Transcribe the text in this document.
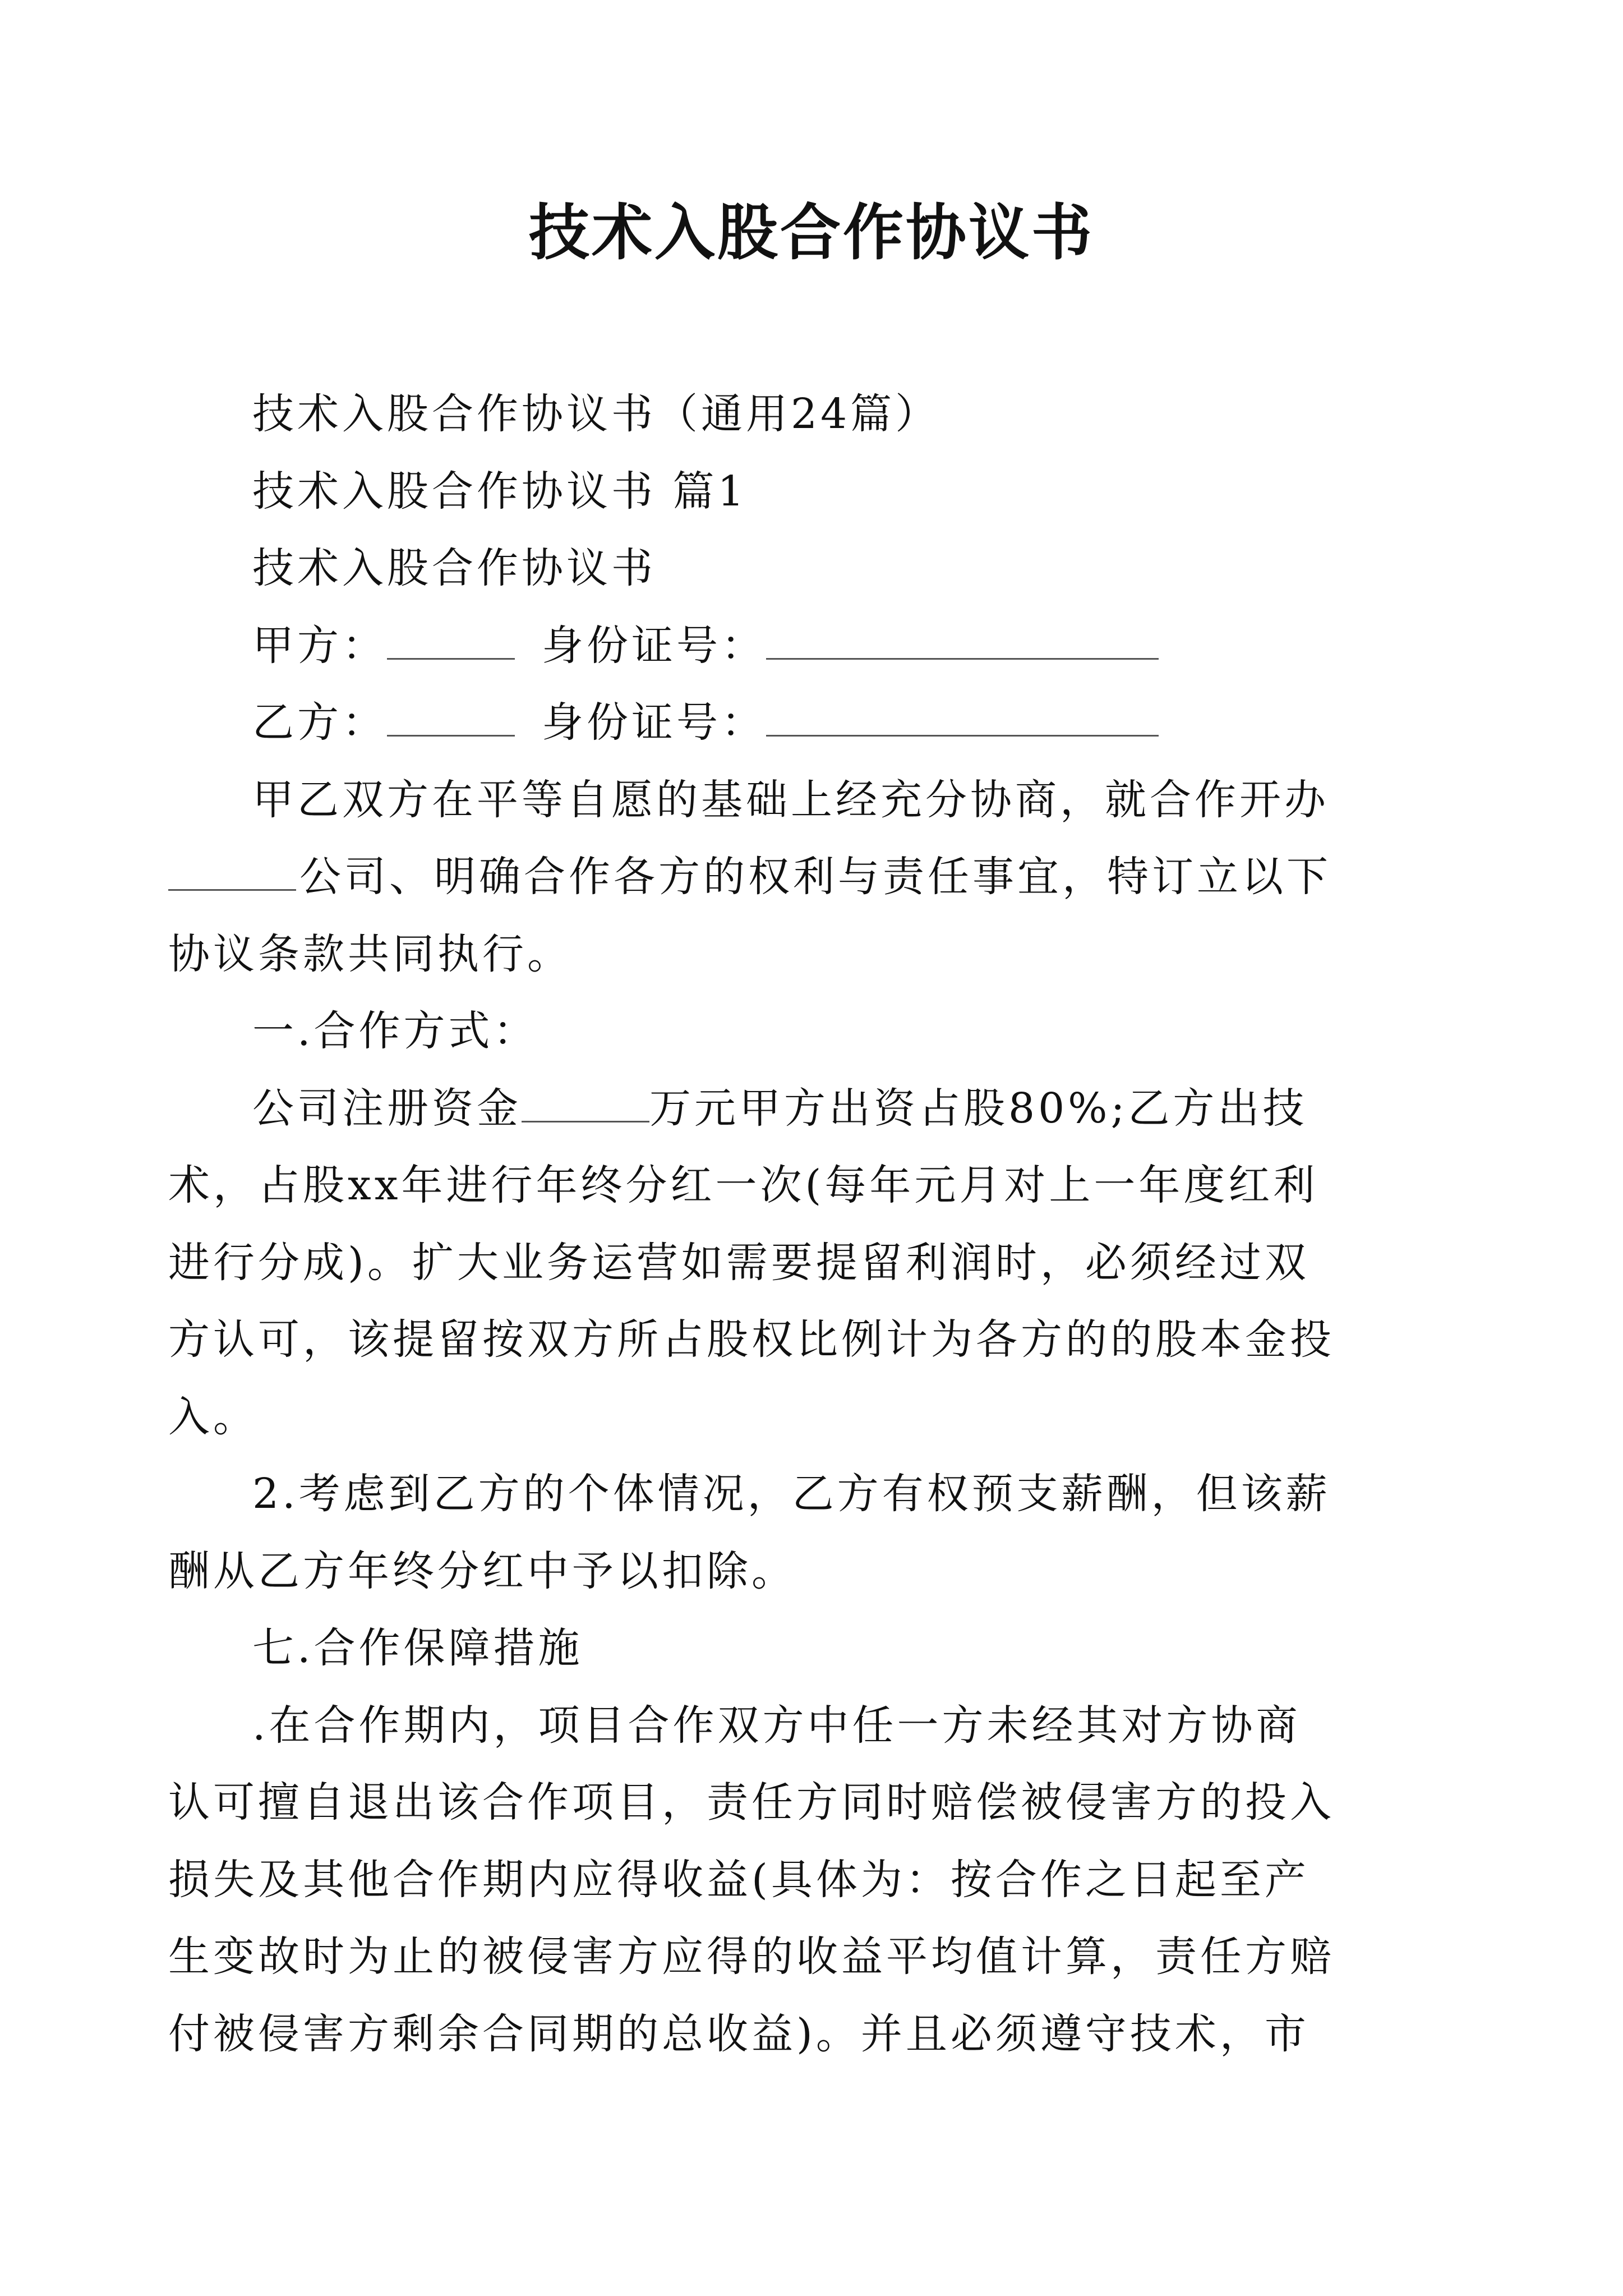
技术入股合作协议书
技术入股合作协议书（通用24篇）
技术入股合作协议书 篇1
技术入股合作协议书
甲方：	身份证号：
乙方：	身份证号：
甲乙双方在平等自愿的基础上经充分协商，就合作开办
公司、明确合作各方的权利与责任事宜，特订立以下
协议条款共同执行。
一.合作方式：
公司注册资金	万元甲方出资占股80%;乙方出技
术，占股xx年进行年终分红一次(每年元月对上一年度红利
进行分成)。扩大业务运营如需要提留利润时，必须经过双
方认可，该提留按双方所占股权比例计为各方的的股本金投
入。
2.考虑到乙方的个体情况，乙方有权预支薪酬，但该薪
酬从乙方年终分红中予以扣除。
七.合作保障措施
.在合作期内，项目合作双方中任一方未经其对方协商
认可擅自退出该合作项目，责任方同时赔偿被侵害方的投入
损失及其他合作期内应得收益(具体为：按合作之日起至产
生变故时为止的被侵害方应得的收益平均值计算，责任方赔
付被侵害方剩余合同期的总收益)。并且必须遵守技术，市
